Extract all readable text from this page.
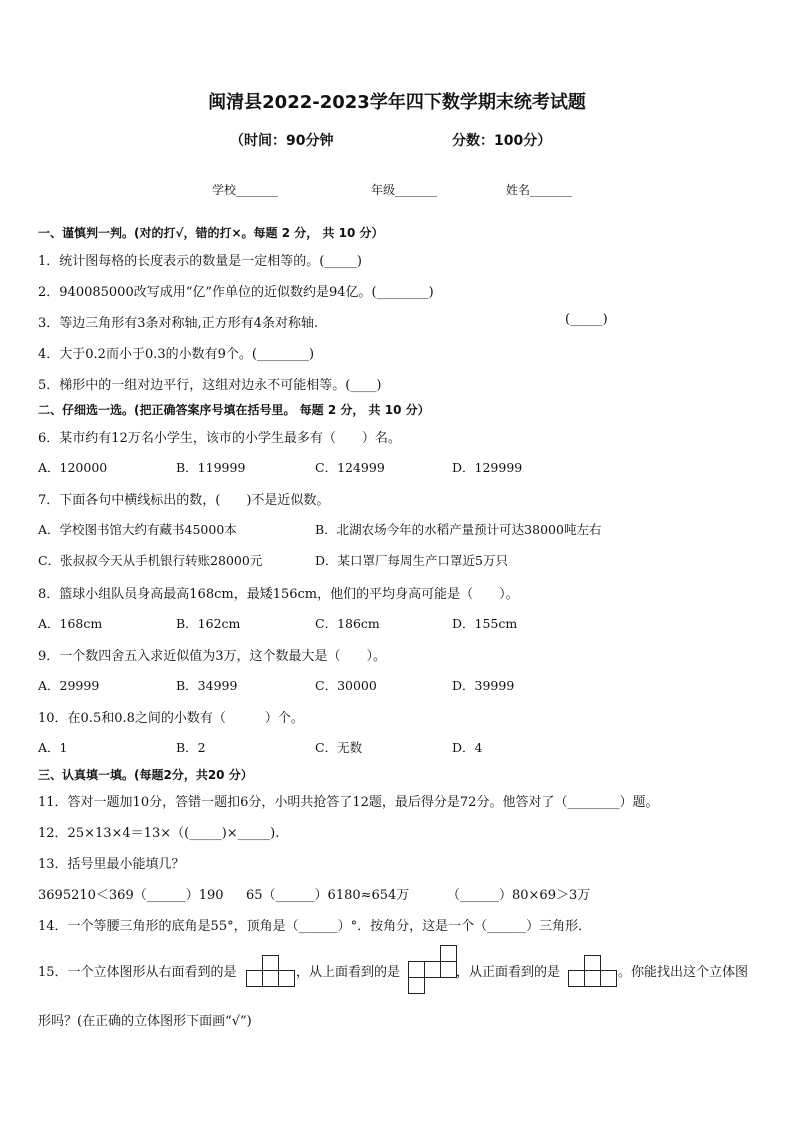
闽清县2022-2023学年四下数学期末统考试题
（时间：90分钟	分数：100分）
学校_______	年级_______	姓名_______
一、谨慎判一判。(对的打√，错的打×。每题 2 分， 共 10 分）
1．统计图每格的长度表示的数量是一定相等的。(_____)
2．940085000改写成用“亿”作单位的近似数约是94亿。(________)
3．等边三角形有3条对称轴,正方形有4条对称轴.	(_____)
4．大于0.2而小于0.3的小数有9个。(________)
5．梯形中的一组对边平行，这组对边永不可能相等。(____)
二、仔细选一选。(把正确答案序号填在括号里。 每题 2 分， 共 10 分）
6．某市约有12万名小学生，该市的小学生最多有（　　）名。
A．120000	B．119999	C．124999	D．129999
7．下面各句中横线标出的数，(　　)不是近似数。
A．学校图书馆大约有藏书45000本	B．北湖农场今年的水稻产量预计可达38000吨左右
C．张叔叔今天从手机银行转账28000元	D．某口罩厂每周生产口罩近5万只
8．篮球小组队员身高最高168cm，最矮156cm，他们的平均身高可能是（　　）。
A．168cm	B．162cm	C．186cm	D．155cm
9．一个数四舍五入求近似值为3万，这个数最大是（　　）。
A．29999	B．34999	C．30000	D．39999
10．在0.5和0.8之间的小数有（　　　）个。
A．1	B．2	C．无数	D．4
三、认真填一填。(每题2分，共20 分）
11．答对一题加10分，答错一题扣6分，小明共抢答了12题，最后得分是72分。他答对了（________）题。
12．25×13×4＝13×（(_____)×_____).
13．括号里最小能填几？
3695210＜369（______）190 65（______）6180≈654万	（______）80×69＞3万
14．一个等腰三角形的底角是55°，顶角是（______）°．按角分，这是一个（______）三角形．
15．一个立体图形从右面看到的是	，从上面看到的是	，从正面看到的是	。你能找出这个立体图
形吗？(在正确的立体图形下面画“√”)
